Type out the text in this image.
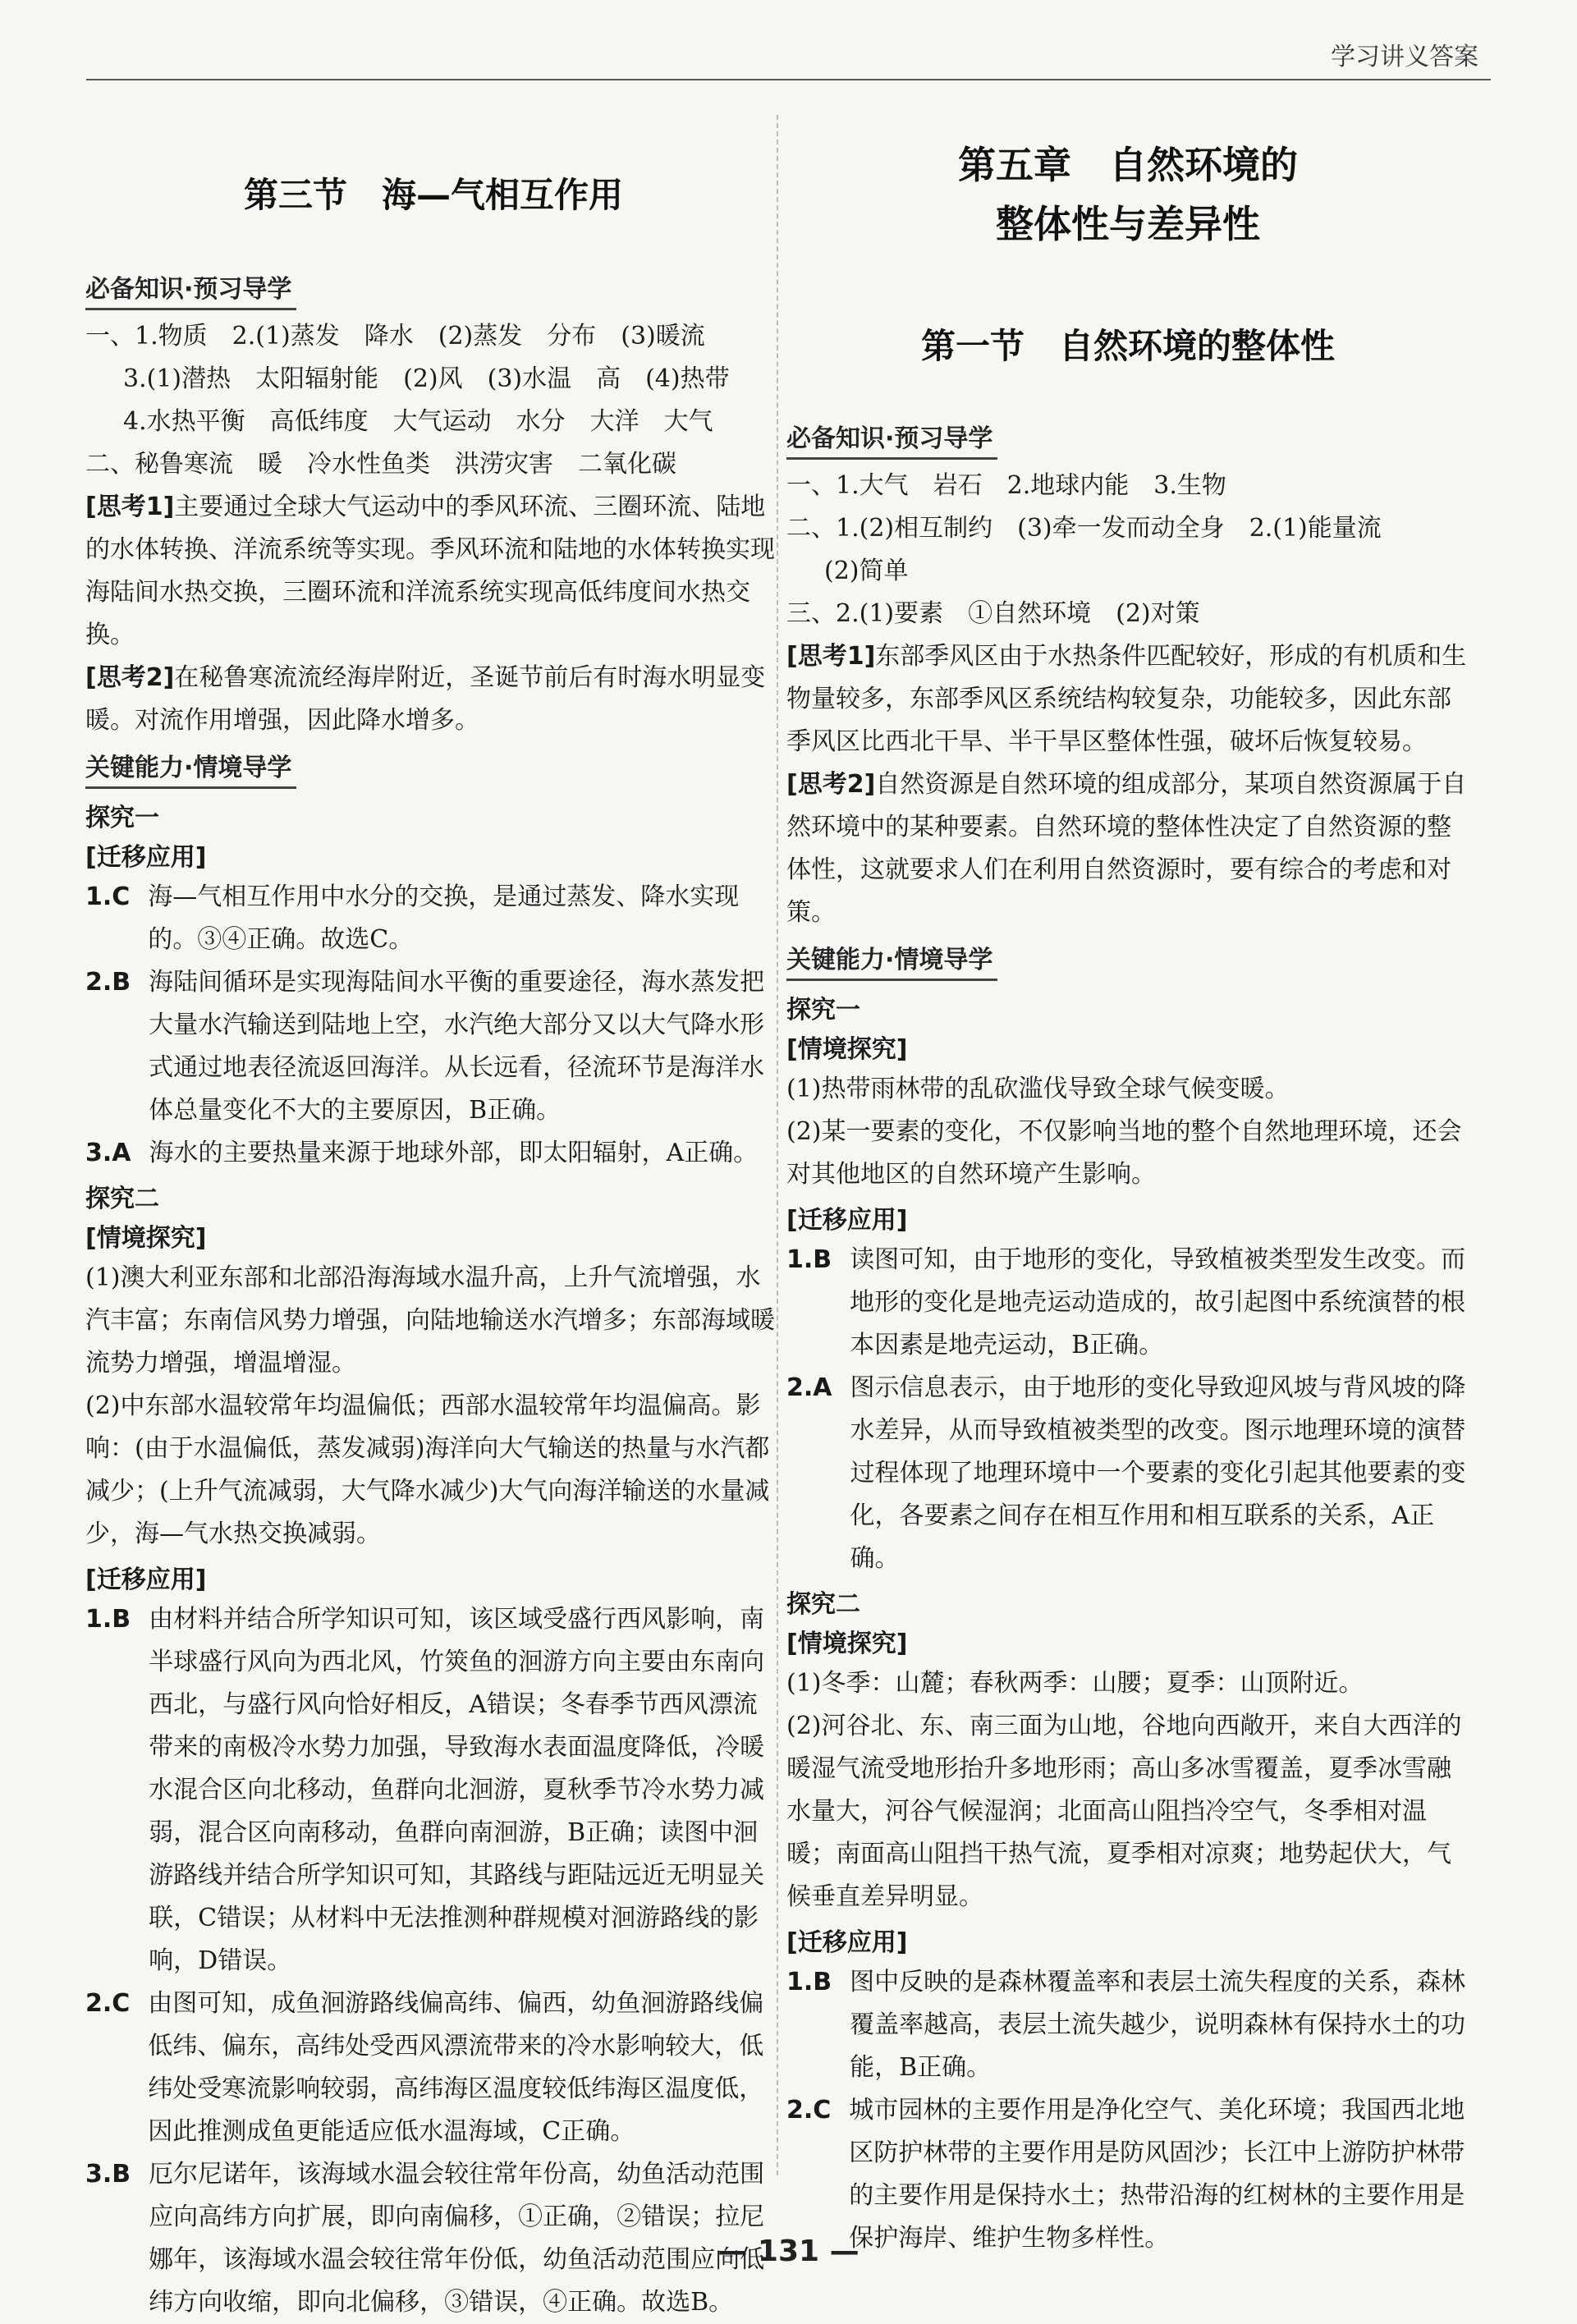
学习讲义答案
第三节　海—气相互作用
必备知识·预习导学

一、1.物质　2.(1)蒸发　降水　(2)蒸发　分布　(3)暖流

3.(1)潜热　太阳辐射能　(2)风　(3)水温　高　(4)热带

4.水热平衡　高低纬度　大气运动　水分　大洋　大气

二、秘鲁寒流　暖　冷水性鱼类　洪涝灾害　二氧化碳

[思考1]主要通过全球大气运动中的季风环流、三圈环流、陆地的水体转换、洋流系统等实现。季风环流和陆地的水体转换实现海陆间水热交换，三圈环流和洋流系统实现高低纬度间水热交换。

[思考2]在秘鲁寒流流经海岸附近，圣诞节前后有时海水明显变暖。对流作用增强，因此降水增多。

关键能力·情境导学
探究一
[迁移应用]
1.C 海—气相互作用中水分的交换，是通过蒸发、降水实现的。③④正确。故选C。
2.B 海陆间循环是实现海陆间水平衡的重要途径，海水蒸发把大量水汽输送到陆地上空，水汽绝大部分又以大气降水形式通过地表径流返回海洋。从长远看，径流环节是海洋水体总量变化不大的主要原因，B正确。
3.A 海水的主要热量来源于地球外部，即太阳辐射，A正确。
探究二
[情境探究]

(1)澳大利亚东部和北部沿海海域水温升高，上升气流增强，水汽丰富；东南信风势力增强，向陆地输送水汽增多；东部海域暖流势力增强，增温增湿。

(2)中东部水温较常年均温偏低；西部水温较常年均温偏高。影响：(由于水温偏低，蒸发减弱)海洋向大气输送的热量与水汽都减少；(上升气流减弱，大气降水减少)大气向海洋输送的水量减少，海—气水热交换减弱。

[迁移应用]
1.B 由材料并结合所学知识可知，该区域受盛行西风影响，南半球盛行风向为西北风，竹筴鱼的洄游方向主要由东南向西北，与盛行风向恰好相反，A错误；冬春季节西风漂流带来的南极冷水势力加强，导致海水表面温度降低，冷暖水混合区向北移动，鱼群向北洄游，夏秋季节冷水势力减弱，混合区向南移动，鱼群向南洄游，B正确；读图中洄游路线并结合所学知识可知，其路线与距陆远近无明显关联，C错误；从材料中无法推测种群规模对洄游路线的影响，D错误。
2.C 由图可知，成鱼洄游路线偏高纬、偏西，幼鱼洄游路线偏低纬、偏东，高纬处受西风漂流带来的冷水影响较大，低纬处受寒流影响较弱，高纬海区温度较低纬海区温度低，因此推测成鱼更能适应低水温海域，C正确。
3.B 厄尔尼诺年，该海域水温会较往常年份高，幼鱼活动范围应向高纬方向扩展，即向南偏移，①正确，②错误；拉尼娜年，该海域水温会较往常年份低，幼鱼活动范围应向低纬方向收缩，即向北偏移，③错误，④正确。故选B。
第五章　自然环境的
整体性与差异性
第一节　自然环境的整体性
必备知识·预习导学

一、1.大气　岩石　2.地球内能　3.生物

二、1.(2)相互制约　(3)牵一发而动全身　2.(1)能量流

(2)简单

三、2.(1)要素　①自然环境　(2)对策

[思考1]东部季风区由于水热条件匹配较好，形成的有机质和生物量较多，东部季风区系统结构较复杂，功能较多，因此东部季风区比西北干旱、半干旱区整体性强，破坏后恢复较易。

[思考2]自然资源是自然环境的组成部分，某项自然资源属于自然环境中的某种要素。自然环境的整体性决定了自然资源的整体性，这就要求人们在利用自然资源时，要有综合的考虑和对策。

关键能力·情境导学
探究一
[情境探究]

(1)热带雨林带的乱砍滥伐导致全球气候变暖。

(2)某一要素的变化，不仅影响当地的整个自然地理环境，还会对其他地区的自然环境产生影响。

[迁移应用]
1.B 读图可知，由于地形的变化，导致植被类型发生改变。而地形的变化是地壳运动造成的，故引起图中系统演替的根本因素是地壳运动，B正确。
2.A 图示信息表示，由于地形的变化导致迎风坡与背风坡的降水差异，从而导致植被类型的改变。图示地理环境的演替过程体现了地理环境中一个要素的变化引起其他要素的变化，各要素之间存在相互作用和相互联系的关系，A正确。
探究二
[情境探究]

(1)冬季：山麓；春秋两季：山腰；夏季：山顶附近。

(2)河谷北、东、南三面为山地，谷地向西敞开，来自大西洋的暖湿气流受地形抬升多地形雨；高山多冰雪覆盖，夏季冰雪融水量大，河谷气候湿润；北面高山阻挡冷空气，冬季相对温暖；南面高山阻挡干热气流，夏季相对凉爽；地势起伏大，气候垂直差异明显。

[迁移应用]
1.B 图中反映的是森林覆盖率和表层土流失程度的关系，森林覆盖率越高，表层土流失越少，说明森林有保持水土的功能，B正确。
2.C 城市园林的主要作用是净化空气、美化环境；我国西北地区防护林带的主要作用是防风固沙；长江中上游防护林带的主要作用是保持水土；热带沿海的红树林的主要作用是保护海岸、维护生物多样性。
— 131 —
